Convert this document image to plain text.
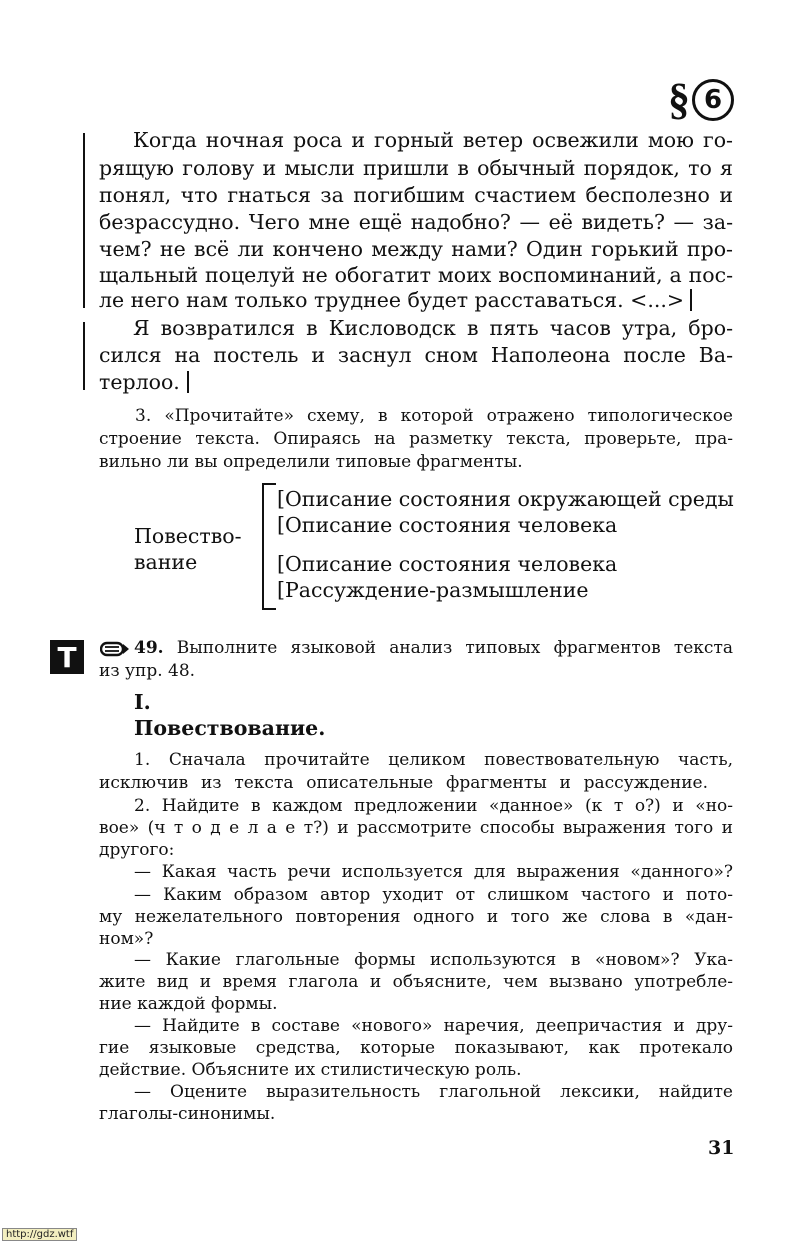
§ 6
Когда ночная роса и горный ветер освежили мою го-
рящую голову и мысли пришли в обычный порядок, то я
понял, что гнаться за погибшим счастием бесполезно и
безрассудно. Чего мне ещё надобно? — её видеть? — за-
чем? не всё ли кончено между нами? Один горький про-
щальный поцелуй не обогатит моих воспоминаний, а пос-
ле него нам только труднее будет расставаться. <...>
Я возвратился в Кисловодск в пять часов утра, бро-
сился на постель и заснул сном Наполеона после Ва-
терлоо.
3. «Прочитайте» схему, в которой отражено типологическое
строение текста. Опираясь на разметку текста, проверьте, пра-
вильно ли вы определили типовые фрагменты.
Повество-
вание
[Описание состояния окружающей среды
[Описание состояния человека
[Описание состояния человека
[Рассуждение-размышление
Т	49. Выполните языковой анализ типовых фрагментов текста
из упр. 48.
I.
Повествование.
1. Сначала прочитайте целиком повествовательную часть,
исключив из текста описательные фрагменты и рассуждение.
2. Найдите в каждом предложении «данное» (к т о?) и «но-
вое» (ч т о д е л а е т?) и рассмотрите способы выражения того и
другого:
— Какая часть речи используется для выражения «данного»?
— Каким образом автор уходит от слишком частого и пото-
му нежелательного повторения одного и того же слова в «дан-
ном»?
— Какие глагольные формы используются в «новом»? Ука-
жите вид и время глагола и объясните, чем вызвано употребле-
ние каждой формы.
— Найдите в составе «нового» наречия, деепричастия и дру-
гие языковые средства, которые показывают, как протекало
действие. Объясните их стилистическую роль.
— Оцените выразительность глагольной лексики, найдите
глаголы-синонимы.
31
http://gdz.wtf
